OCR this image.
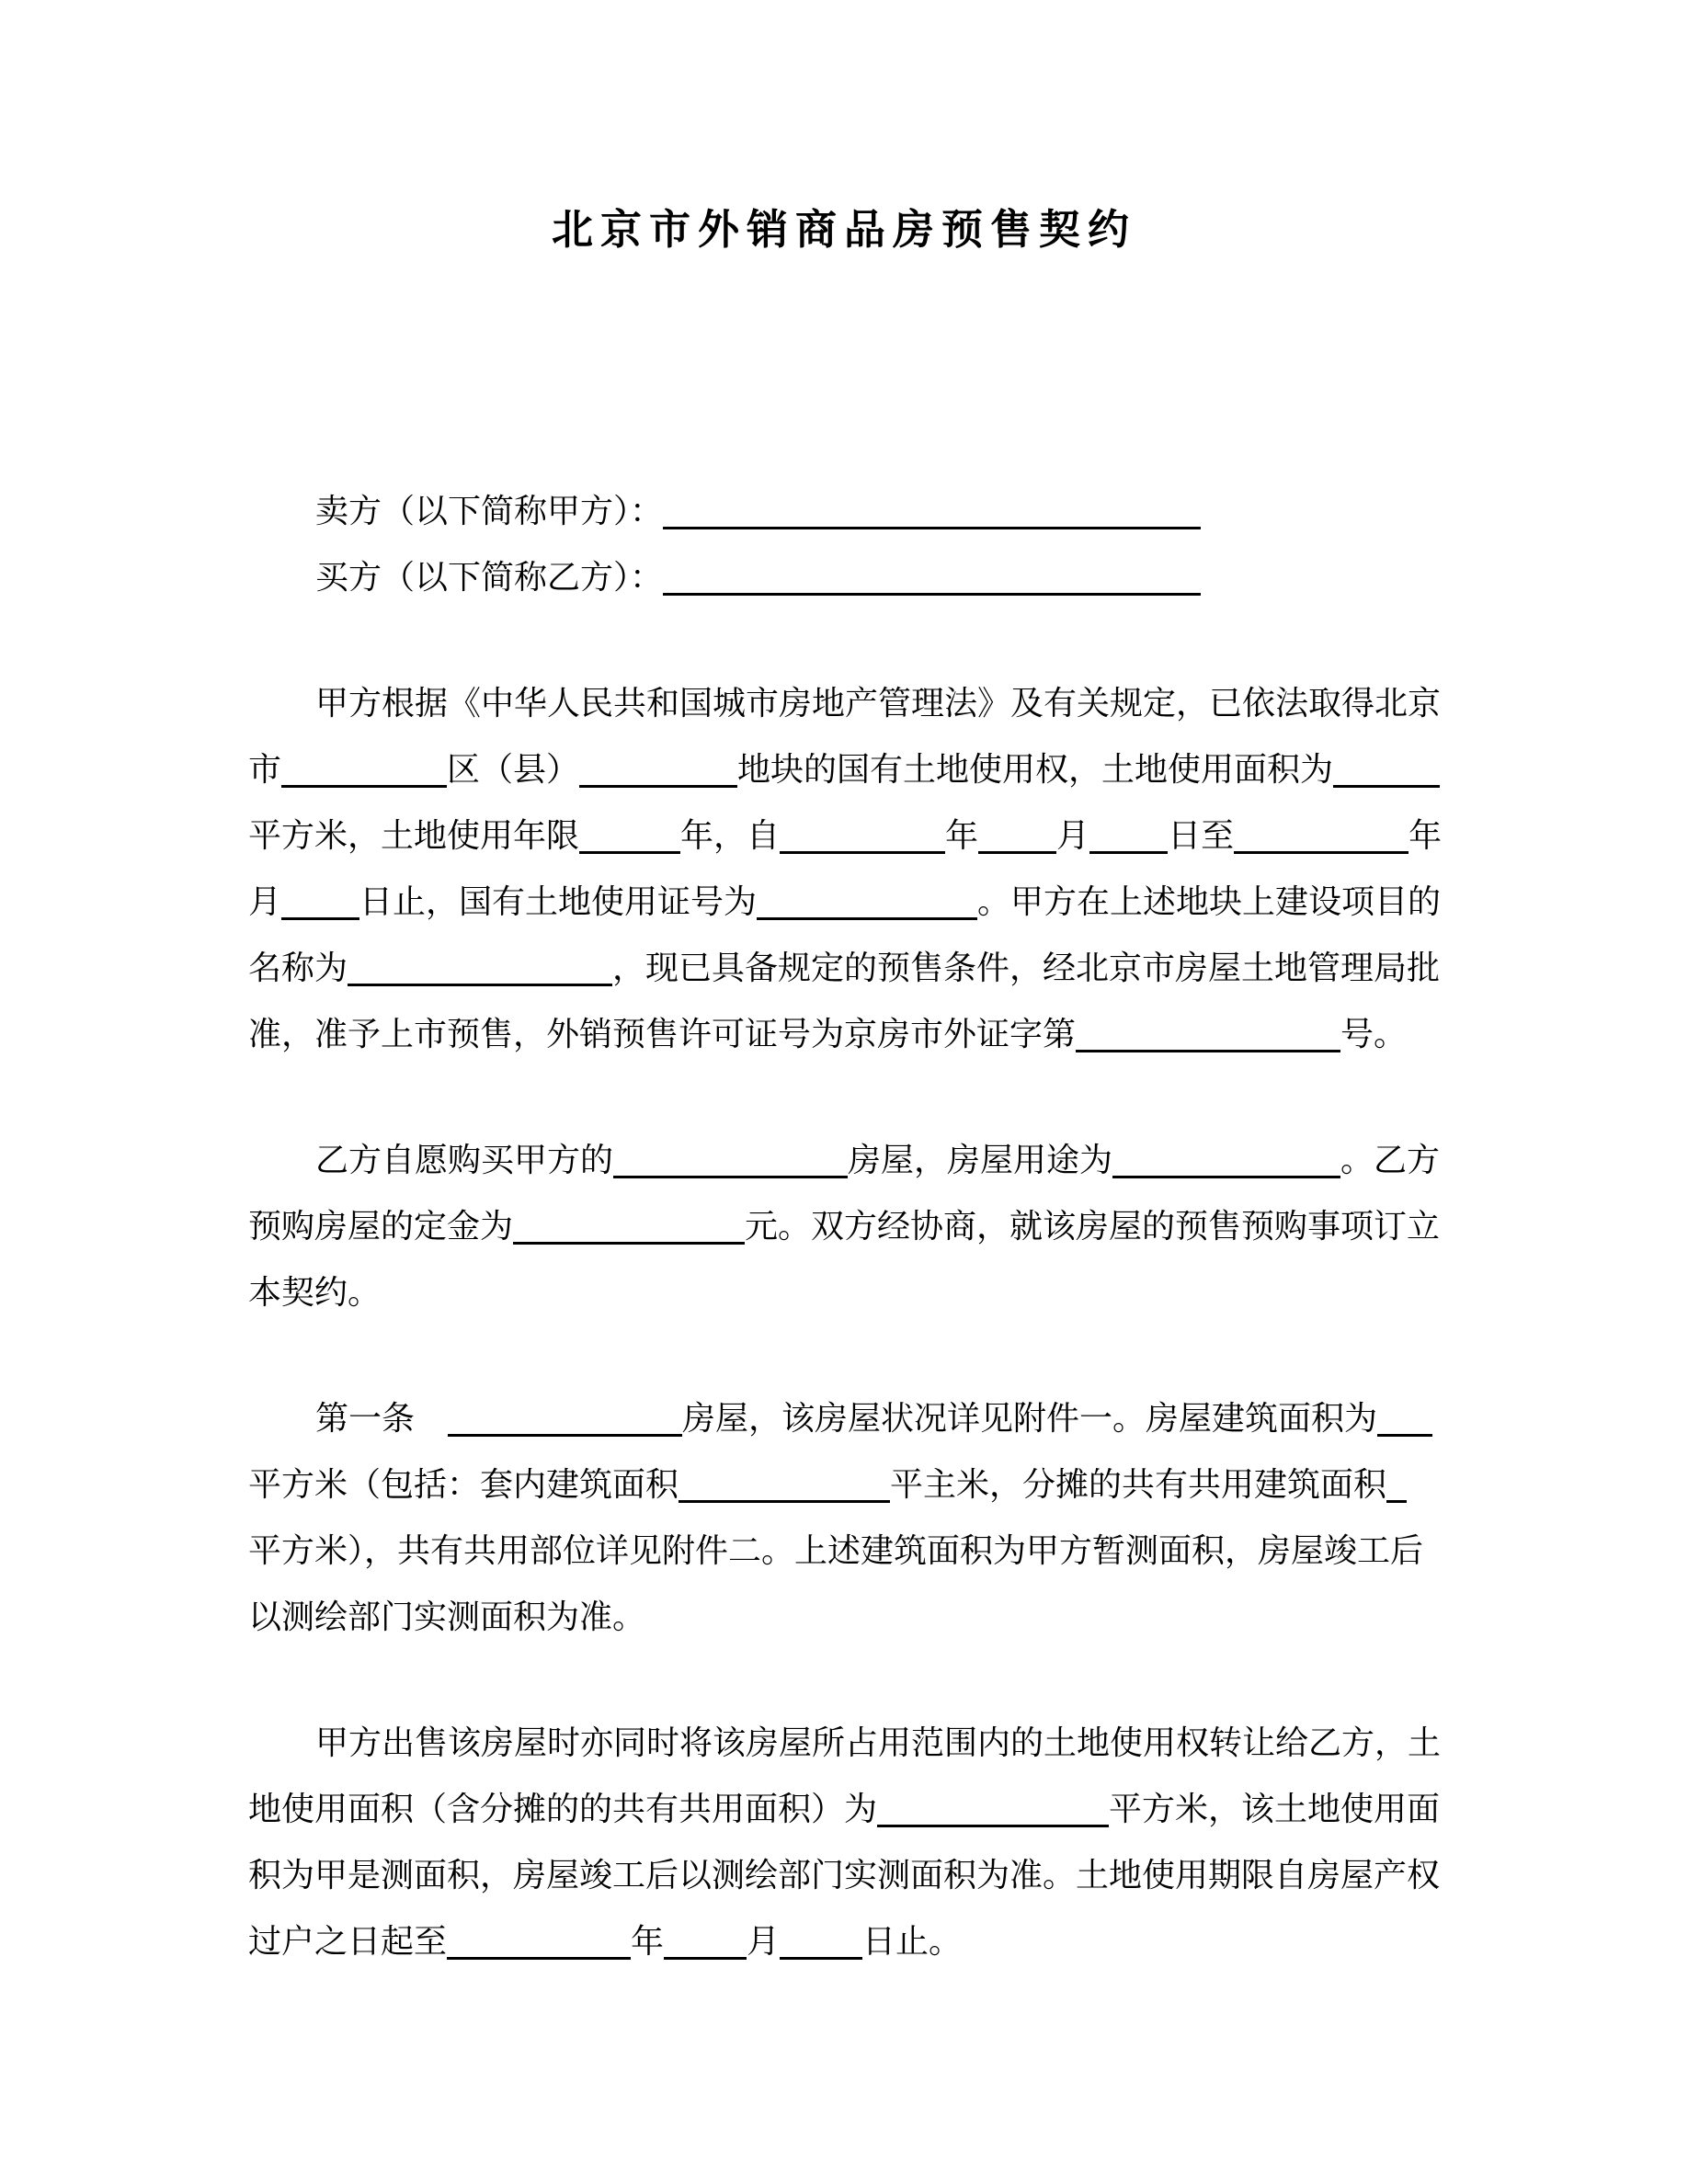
北京市外销商品房预售契约
卖方（以下简称甲方）：
买方（以下简称乙方）：
甲方根据《中华人民共和国城市房地产管理法》及有关规定，已依法取得北京
市	区（县）	地块的国有土地使用权，土地使用面积为
平方米，土地使用年限	年，自	年 月 日至	年
月 日止，国有土地使用证号为	。甲方在上述地块上建设项目的
名称为	，现已具备规定的预售条件，经北京市房屋土地管理局批
准，准予上市预售，外销预售许可证号为京房市外证字第	号。
乙方自愿购买甲方的	房屋，房屋用途为	。乙方
预购房屋的定金为	元。双方经协商，就该房屋的预售预购事项订立
本契约。
第一条　	房屋，该房屋状况详见附件一。房屋建筑面积为
平方米（包括：套内建筑面积	平主米，分摊的共有共用建筑面积
平方米），共有共用部位详见附件二。上述建筑面积为甲方暂测面积，房屋竣工后
以测绘部门实测面积为准。
甲方出售该房屋时亦同时将该房屋所占用范围内的土地使用权转让给乙方，土
地使用面积（含分摊的的共有共用面积）为	平方米，该土地使用面
积为甲是测面积，房屋竣工后以测绘部门实测面积为准。土地使用期限自房屋产权
过户之日起至	年	月	日止。
